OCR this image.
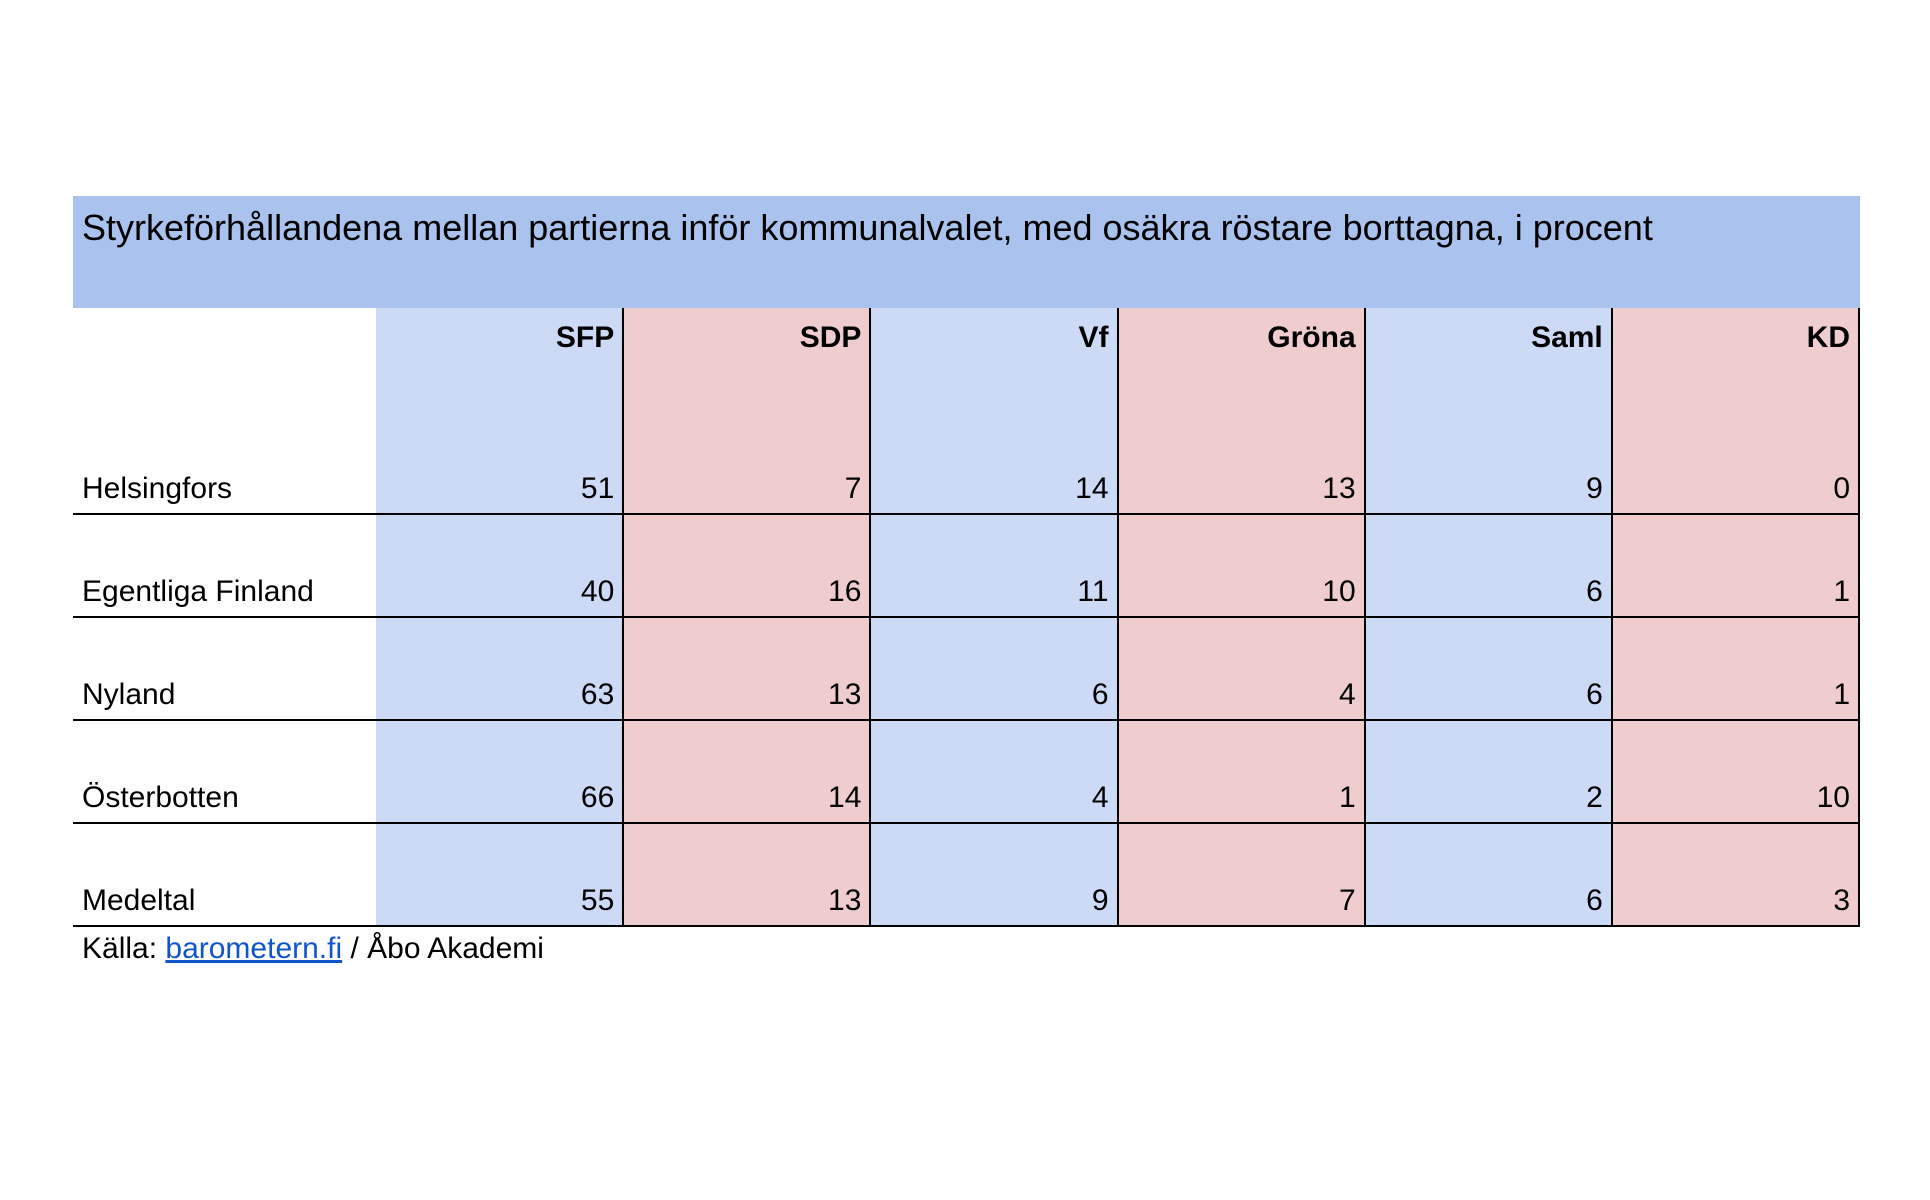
Styrkeförhållandena mellan partierna inför kommunalvalet, med osäkra röstare borttagna, i procent
	SFP	SDP	Vf	Gröna	Saml	KD
Helsingfors	51	7	14	13	9	0
Egentliga Finland	40	16	11	10	6	1
Nyland	63	13	6	4	6	1
Österbotten	66	14	4	1	2	10
Medeltal	55	13	9	7	6	3
Källa: barometern.fi / Åbo Akademi
